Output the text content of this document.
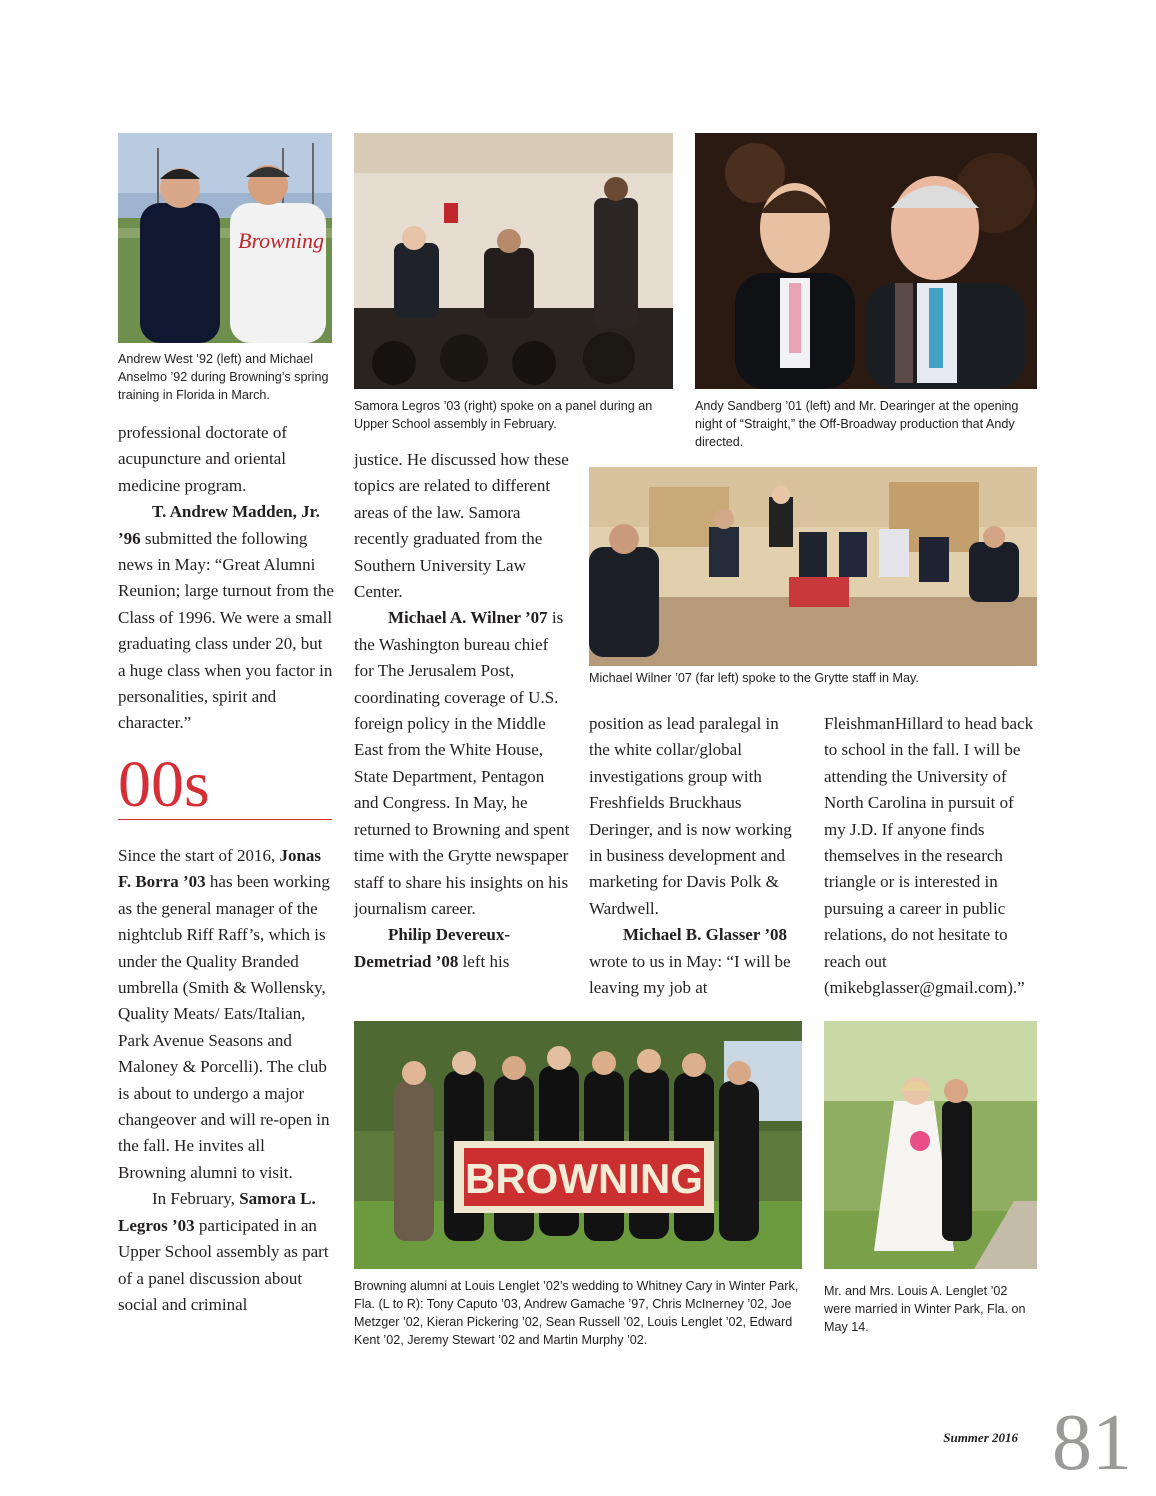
Browning
Andrew West ’92 (left) and Michael Anselmo ’92 during Browning’s spring training in Florida in March.
Samora Legros ’03 (right) spoke on a panel during an Upper School assembly in February.
Andy Sandberg ’01 (left) and Mr. Dearinger at the opening night of “Straight,” the Off-Broadway production that Andy directed.
Michael Wilner ’07 (far left) spoke to the Grytte staff in May.
BROWNING
Browning alumni at Louis Lenglet ’02’s wedding to Whitney Cary in Winter Park, Fla. (L to R): Tony Caputo ’03, Andrew Gamache ’97, Chris McInerney ’02, Joe Metzger ’02, Kieran Pickering ’02, Sean Russell ’02, Louis Lenglet ’02, Edward Kent ’02, Jeremy Stewart ’02 and Martin Murphy ’02.
Mr. and Mrs. Louis A. Lenglet ’02 were married in Winter Park, Fla. on May 14.

professional doctorate of acupuncture and oriental medicine program.

T. Andrew Madden, Jr. ’96 submitted the following news in May: “Great Alumni Reunion; large turnout from the Class of 1996. We were a small graduating class under 20, but a huge class when you factor in personalities, spirit and character.”

00s

Since the start of 2016, Jonas F. Borra ’03 has been working as the general manager of the nightclub Riff Raff’s, which is under the Quality Branded umbrella (Smith & Wollensky, Quality Meats/ Eats/Italian, Park Avenue Seasons and Maloney & Porcelli). The club is about to undergo a major changeover and will re-open in the fall. He invites all Browning alumni to visit.

In February, Samora L. Legros ’03 participated in an Upper School assembly as part of a panel discussion about social and criminal

justice. He discussed how these topics are related to different areas of the law. Samora recently graduated from the Southern University Law Center.

Michael A. Wilner ’07 is the Washington bureau chief for The Jerusalem Post, coordinating coverage of U.S. foreign policy in the Middle East from the White House, State Department, Pentagon and Congress. In May, he returned to Browning and spent time with the Grytte newspaper staff to share his insights on his journalism career.

Philip Devereux-Demetriad ’08 left his

position as lead paralegal in the white collar/global investigations group with Freshfields Bruckhaus Deringer, and is now working in business development and marketing for Davis Polk & Wardwell.

Michael B. Glasser ’08 wrote to us in May: “I will be leaving my job at

FleishmanHillard to head back to school in the fall. I will be attending the University of North Carolina in pursuit of my J.D. If anyone finds themselves in the research triangle or is interested in pursuing a career in public relations, do not hesitate to reach out (mikebglasser@gmail.com).”

Summer 2016 81
